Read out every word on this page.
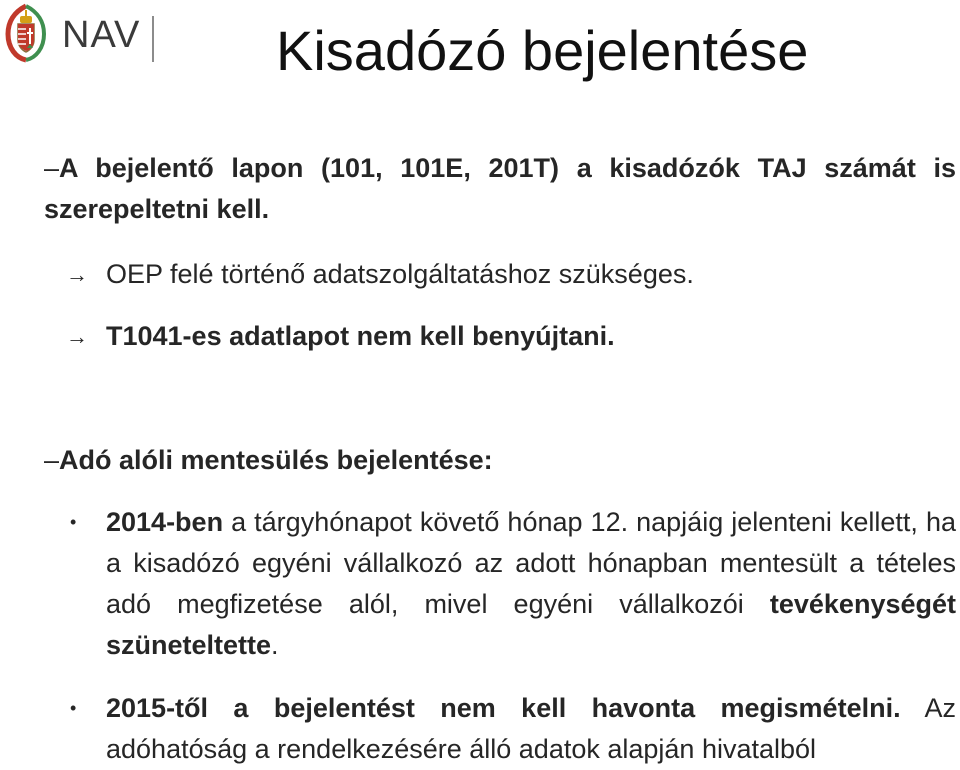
NAV Kisadózó bejelentése

–A bejelentő lapon (101, 101E, 201T) a kisadózók TAJ számát is szerepeltetni kell.

→ OEP felé történő adatszolgáltatáshoz szükséges.
→ T1041-es adatlapot nem kell benyújtani.
–Adó alóli mentesülés bejelentése:
• 2014-ben a tárgyhónapot követő hónap 12. napjáig jelenteni kellett, ha a kisadózó egyéni vállalkozó az adott hónapban mentesült a tételes adó megfizetése alól, mivel egyéni vállalkozói tevékenységét szüneteltette.

• 2015-től a bejelentést nem kell havonta megismételni. Az adóhatóság a rendelkezésére álló adatok alapján hivatalból
